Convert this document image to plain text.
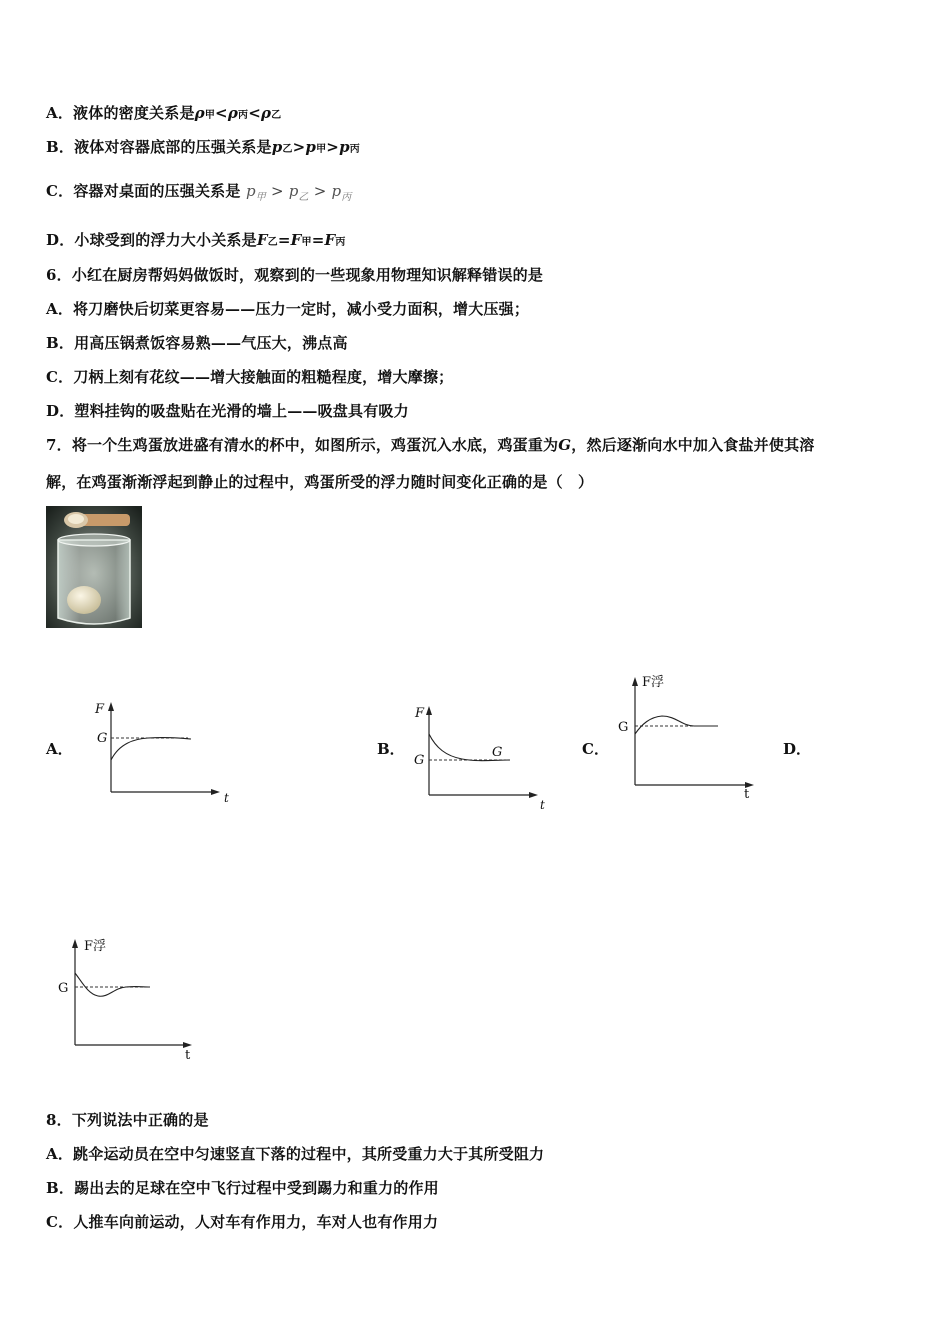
A．液体的密度关系是ρ甲<ρ丙<ρ乙
B．液体对容器底部的压强关系是p乙>p甲>p丙
C．容器对桌面的压强关系是 $p_甲 > p_乙 > p_丙$
D．小球受到的浮力大小关系是F乙=F甲=F丙
6．小红在厨房帮妈妈做饭时，观察到的一些现象用物理知识解释错误的是
A．将刀磨快后切菜更容易——压力一定时，减小受力面积，增大压强；
B．用高压锅煮饭容易熟——气压大，沸点高
C．刀柄上刻有花纹——增大接触面的粗糙程度，增大摩擦；
D．塑料挂钩的吸盘贴在光滑的墙上——吸盘具有吸力
7．将一个生鸡蛋放进盛有清水的杯中，如图所示，鸡蛋沉入水底，鸡蛋重为G，然后逐渐向水中加入食盐并使其溶
解，在鸡蛋渐渐浮起到静止的过程中，鸡蛋所受的浮力随时间变化正确的是（　）
A．	B．	C．	D．
F
G
t
F
G
G
t
F浮
G
t
F浮
G
t
8．下列说法中正确的是
A．跳伞运动员在空中匀速竖直下落的过程中，其所受重力大于其所受阻力
B．踢出去的足球在空中飞行过程中受到踢力和重力的作用
C．人推车向前运动，人对车有作用力，车对人也有作用力
